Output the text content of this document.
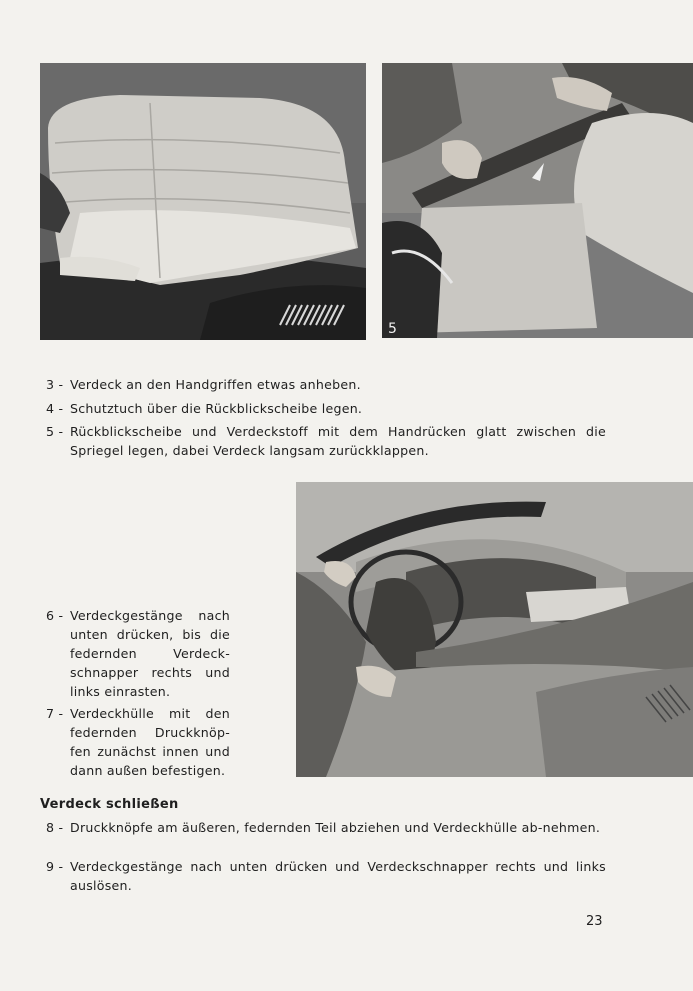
5
3 - Verdeck an den Handgriffen etwas anheben.
4 - Schutztuch über die Rückblickscheibe legen.
5 - Rückblickscheibe und Verdeckstoff mit dem Handrücken glatt zwischen die Spriegel legen, dabei Verdeck langsam zurückklappen.
6 - Verdeckgestänge nach unten drücken, bis die federnden Verdeck-schnapper rechts und links einrasten.
7 - Verdeckhülle mit den federnden Druckknöp-fen zunächst innen und dann außen befestigen.
Verdeck schließen
8 - Druckknöpfe am äußeren, federnden Teil abziehen und Verdeckhülle ab-nehmen.
9 - Verdeckgestänge nach unten drücken und Verdeckschnapper rechts und links auslösen.
23
